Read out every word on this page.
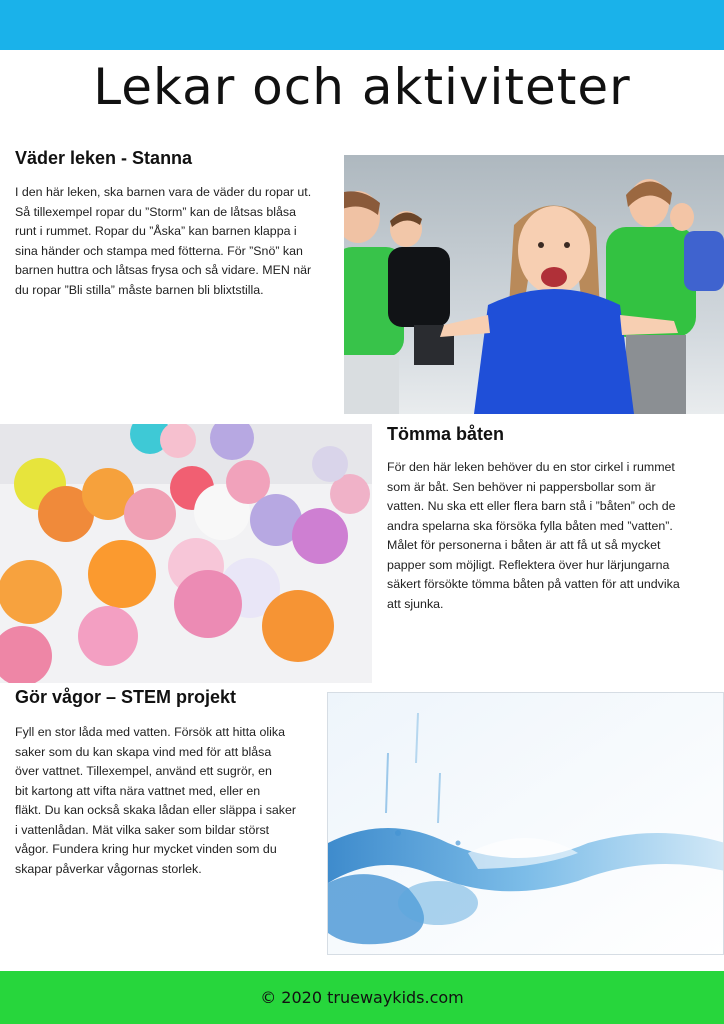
Lekar och aktiviteter
Väder leken - Stanna
I den här leken, ska barnen vara de väder du ropar ut.
Så tillexempel ropar du ”Storm” kan de låtsas blåsa
runt i rummet. Ropar du ”Åska” kan barnen klappa i
sina händer och stampa med fötterna. För ”Snö” kan
barnen huttra och låtsas frysa och så vidare. MEN när
du ropar ”Bli stilla” måste barnen bli blixtstilla.
Tömma båten
För den här leken behöver du en stor cirkel i rummet
som är båt. Sen behöver ni pappersbollar som är
vatten. Nu ska ett eller flera barn stå i ”båten” och de
andra spelarna ska försöka fylla båten med ”vatten”.
Målet för personerna i båten är att få ut så mycket
papper som möjligt. Reflektera över hur lärjungarna
säkert försökte tömma båten på vatten för att undvika
att sjunka.
Gör vågor – STEM projekt
Fyll en stor låda med vatten. Försök att hitta olika
saker som du kan skapa vind med för att blåsa
över vattnet. Tillexempel, använd ett sugrör, en
bit kartong att vifta nära vattnet med, eller en
fläkt. Du kan också skaka lådan eller släppa i saker
i vattenlådan. Mät vilka saker som bildar störst
vågor. Fundera kring hur mycket vinden som du
skapar påverkar vågornas storlek.
© 2020 truewaykids.com
